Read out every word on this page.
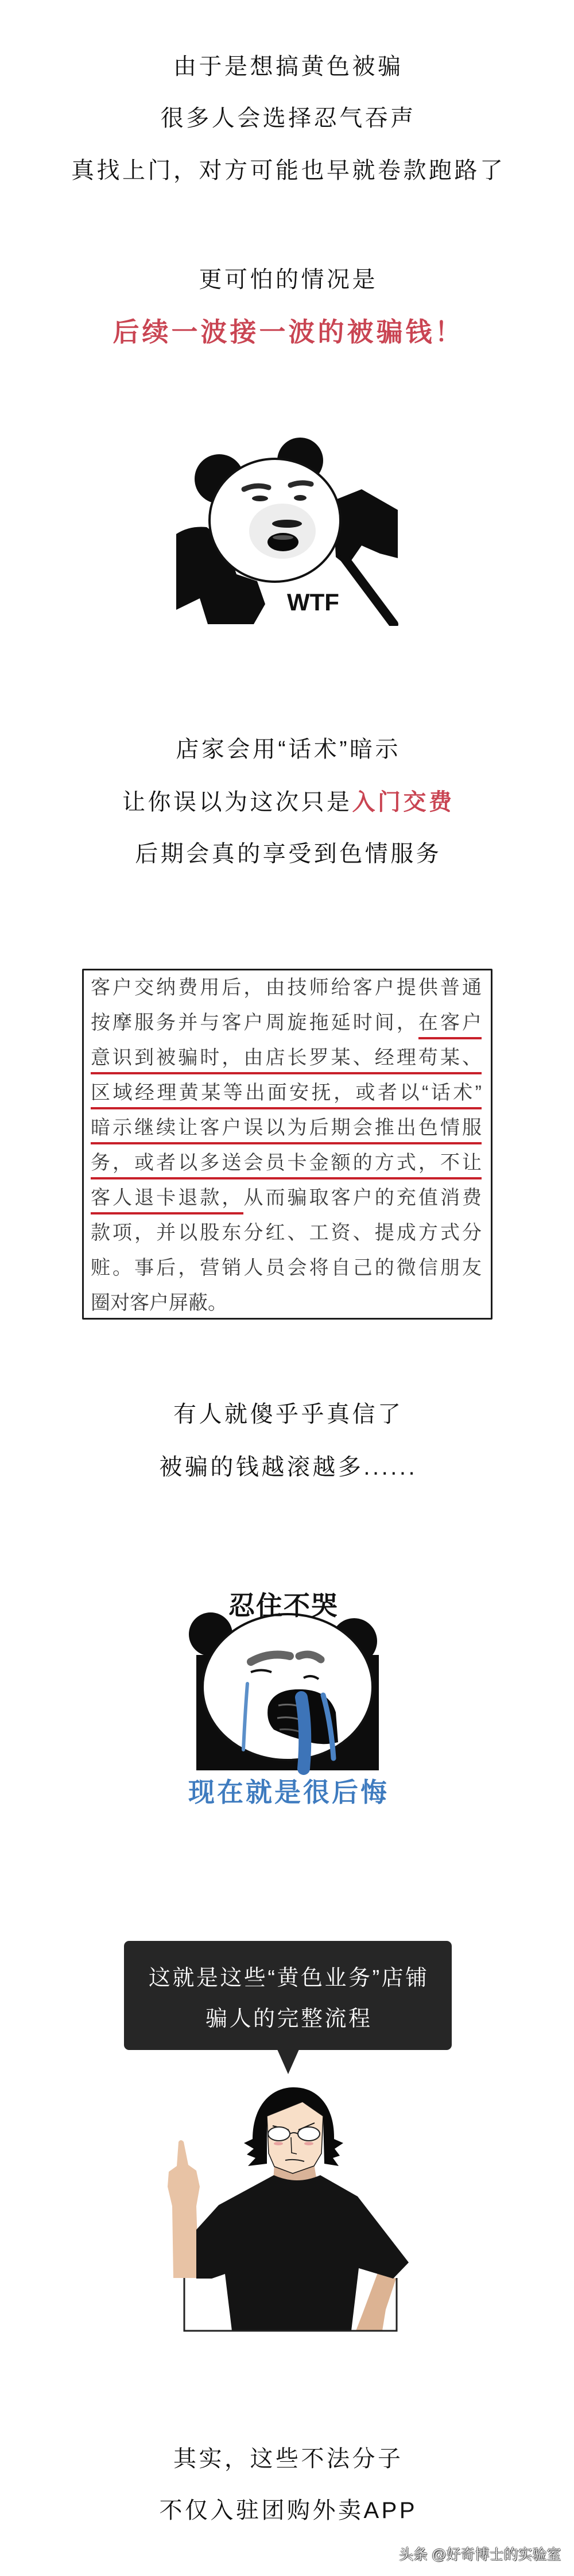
由于是想搞黄色被骗
很多人会选择忍气吞声
真找上门，对方可能也早就卷款跑路了
更可怕的情况是
后续一波接一波的被骗钱！
WTF
店家会用“话术”暗示
让你误以为这次只是入门交费
后期会真的享受到色情服务
客户交纳费用后，由技师给客户提供普通
按摩服务并与客户周旋拖延时间，在客户
意识到被骗时，由店长罗某、经理苟某、
区域经理黄某等出面安抚，或者以“话术”
暗示继续让客户误以为后期会推出色情服
务，或者以多送会员卡金额的方式，不让
客人退卡退款，从而骗取客户的充值消费
款项，并以股东分红、工资、提成方式分
赃。事后，营销人员会将自己的微信朋友
圈对客户屏蔽。
有人就傻乎乎真信了
被骗的钱越滚越多......
忍住不哭
现在就是很后悔
这就是这些“黄色业务”店铺
骗人的完整流程
其实，这些不法分子
不仅入驻团购外卖APP
头条 @好奇博士的实验室
